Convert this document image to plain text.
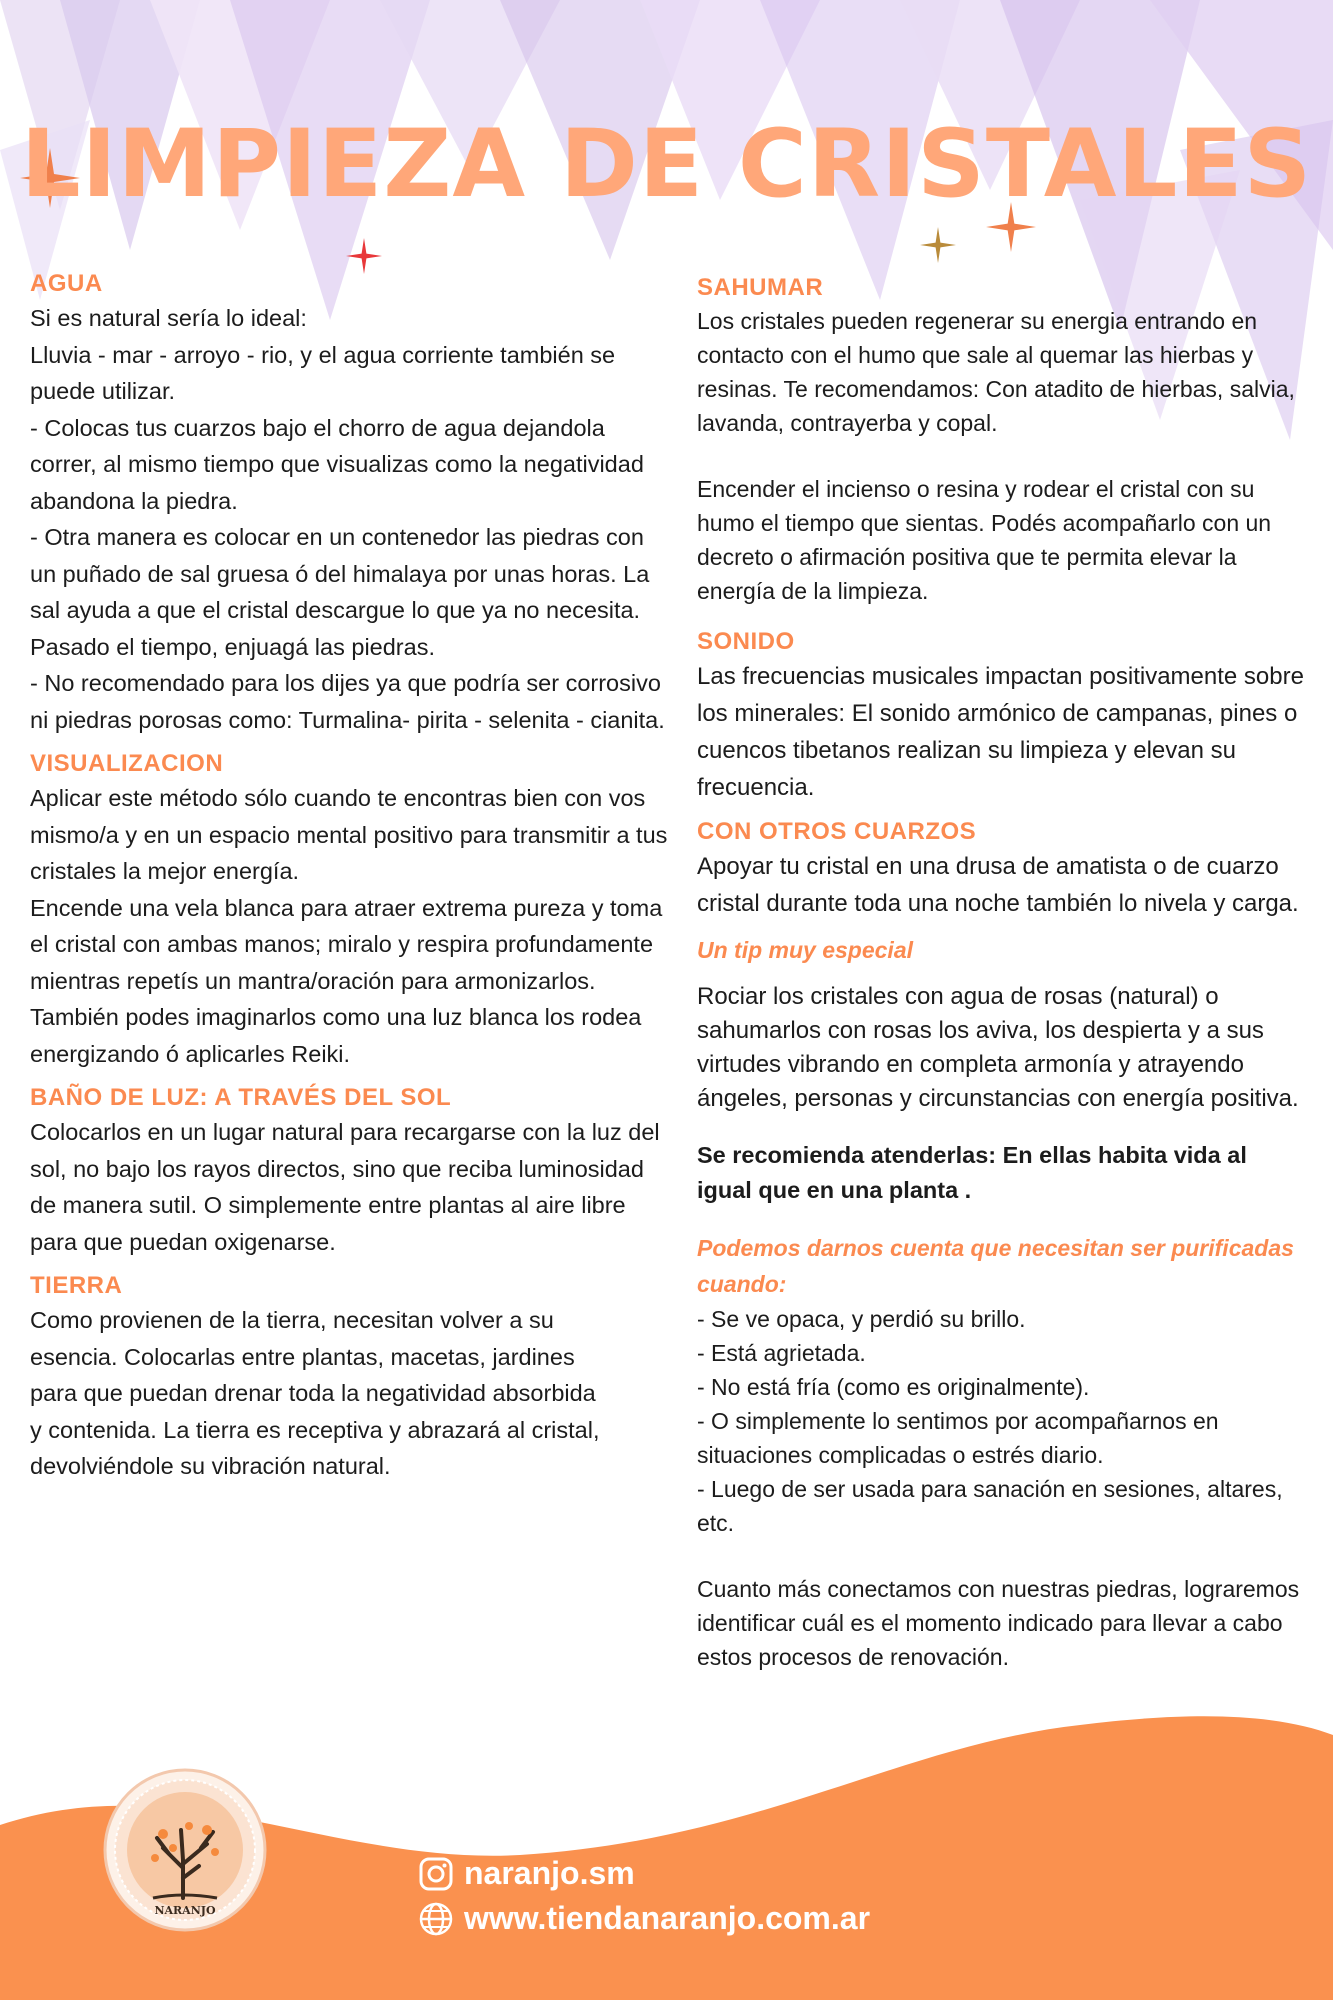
LIMPIEZA DE CRISTALES
AGUA

Si es natural sería lo ideal:

Lluvia - mar - arroyo - rio, y el agua corriente también se puede utilizar.

- Colocas tus cuarzos bajo el chorro de agua dejandola correr, al mismo tiempo que visualizas como la negatividad abandona la piedra.

- Otra manera es colocar en un contenedor las piedras con un puñado de sal gruesa ó del himalaya por unas horas. La sal ayuda a que el cristal descargue lo que ya no necesita. Pasado el tiempo, enjuagá las piedras.

- No recomendado para los dijes ya que podría ser corrosivo ni piedras porosas como: Turmalina- pirita - selenita - cianita.

VISUALIZACION

Aplicar este método sólo cuando te encontras bien con vos mismo/a y en un espacio mental positivo para transmitir a tus cristales la mejor energía.

Encende una vela blanca para atraer extrema pureza y toma el cristal con ambas manos; miralo y respira profundamente mientras repetís un mantra/oración para armonizarlos. También podes imaginarlos como una luz blanca los rodea energizando ó aplicarles Reiki.

BAÑO DE LUZ: A TRAVÉS DEL SOL

Colocarlos en un lugar natural para recargarse con la luz del sol, no bajo los rayos directos, sino que reciba luminosidad de manera sutil. O simplemente entre plantas al aire libre para que puedan oxigenarse.

TIERRA

Como provienen de la tierra, necesitan volver a su esencia. Colocarlas entre plantas, macetas, jardines para que puedan drenar toda la negatividad absorbida y contenida. La tierra es receptiva y abrazará al cristal, devolviéndole su vibración natural.

SAHUMAR

Los cristales pueden regenerar su energia entrando en contacto con el humo que sale al quemar las hierbas y resinas. Te recomendamos: Con atadito de hierbas, salvia, lavanda, contrayerba y copal.

Encender el incienso o resina y rodear el cristal con su humo el tiempo que sientas. Podés acompañarlo con un decreto o afirmación positiva que te permita elevar la energía de la limpieza.

SONIDO

Las frecuencias musicales impactan positivamente sobre los minerales: El sonido armónico de campanas, pines o cuencos tibetanos realizan su limpieza y elevan su frecuencia.

CON OTROS CUARZOS

Apoyar tu cristal en una drusa de amatista o de cuarzo cristal durante toda una noche también lo nivela y carga.

Un tip muy especial

Rociar los cristales con agua de rosas (natural) o sahumarlos con rosas los aviva, los despierta y a sus virtudes vibrando en completa armonía y atrayendo ángeles, personas y circunstancias con energía positiva.

Se recomienda atenderlas: En ellas habita vida al igual que en una planta .

Podemos darnos cuenta que necesitan ser purificadas cuando:

- Se ve opaca, y perdió su brillo.

- Está agrietada.

- No está fría (como es originalmente).

- O simplemente lo sentimos por acompañarnos en situaciones complicadas o estrés diario.

- Luego de ser usada para sanación en sesiones, altares, etc.

Cuanto más conectamos con nuestras piedras, lograremos identificar cuál es el momento indicado para llevar a cabo estos procesos de renovación.

NARANJO
naranjo.sm
www.tiendanaranjo.com.ar
